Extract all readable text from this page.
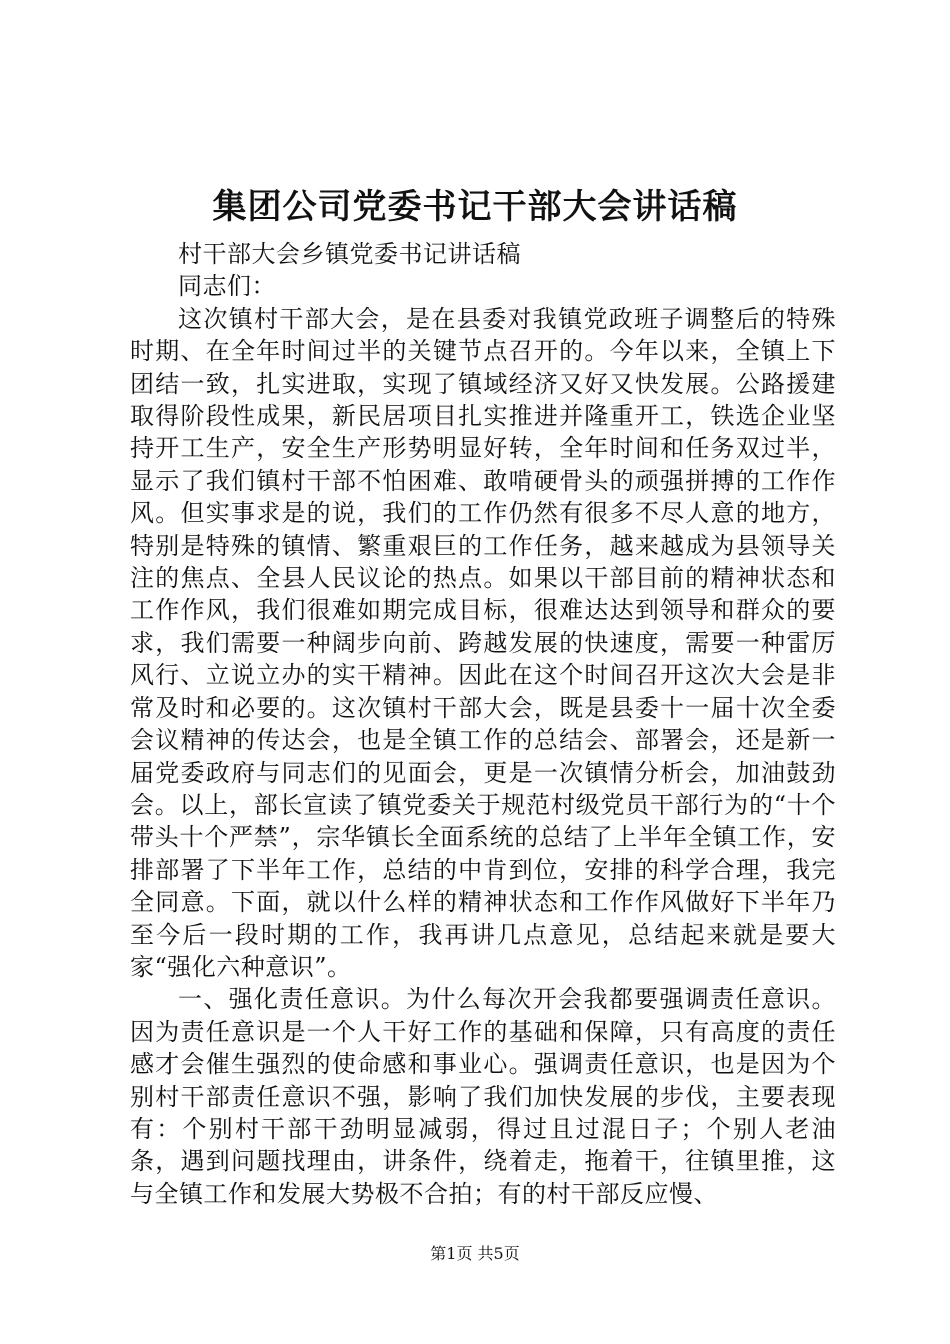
集团公司党委书记干部大会讲话稿

村干部大会乡镇党委书记讲话稿

同志们：

这次镇村干部大会，是在县委对我镇党政班子调整后的特殊时期、在全年时间过半的关键节点召开的。今年以来，全镇上下团结一致，扎实进取，实现了镇域经济又好又快发展。公路援建取得阶段性成果，新民居项目扎实推进并隆重开工，铁选企业坚持开工生产，安全生产形势明显好转，全年时间和任务双过半，显示了我们镇村干部不怕困难、敢啃硬骨头的顽强拼搏的工作作风。但实事求是的说，我们的工作仍然有很多不尽人意的地方，特别是特殊的镇情、繁重艰巨的工作任务，越来越成为县领导关注的焦点、全县人民议论的热点。如果以干部目前的精神状态和工作作风，我们很难如期完成目标，很难达达到领导和群众的要求，我们需要一种阔步向前、跨越发展的快速度，需要一种雷厉风行、立说立办的实干精神。因此在这个时间召开这次大会是非常及时和必要的。这次镇村干部大会，既是县委十一届十次全委会议精神的传达会，也是全镇工作的总结会、部署会，还是新一届党委政府与同志们的见面会，更是一次镇情分析会，加油鼓劲会。以上，部长宣读了镇党委关于规范村级党员干部行为的“十个带头十个严禁”，宗华镇长全面系统的总结了上半年全镇工作，安排部署了下半年工作，总结的中肯到位，安排的科学合理，我完全同意。下面，就以什么样的精神状态和工作作风做好下半年乃至今后一段时期的工作，我再讲几点意见，总结起来就是要大家“强化六种意识”。

一、强化责任意识。为什么每次开会我都要强调责任意识。因为责任意识是一个人干好工作的基础和保障，只有高度的责任感才会催生强烈的使命感和事业心。强调责任意识，也是因为个别村干部责任意识不强，影响了我们加快发展的步伐，主要表现有：个别村干部干劲明显减弱，得过且过混日子；个别人老油条，遇到问题找理由，讲条件，绕着走，拖着干，往镇里推，这与全镇工作和发展大势极不合拍；有的村干部反应慢、

第1页 共5页
